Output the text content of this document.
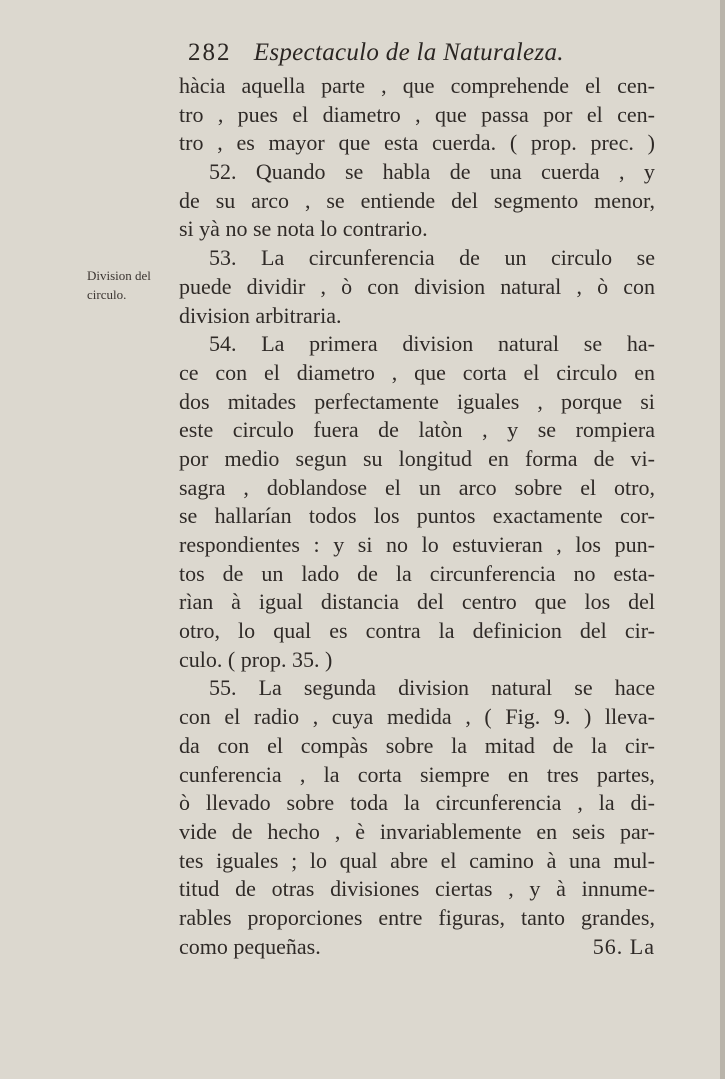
282 Espectaculo de la Naturaleza.
Division del
circulo.
hàcia aquella parte , que comprehende el cen-
tro , pues el diametro , que passa por el cen-
tro , es mayor que esta cuerda. ( prop. prec. )
52. Quando se habla de una cuerda , y
de su arco , se entiende del segmento menor,
si yà no se nota lo contrario.
53. La circunferencia de un circulo se
puede dividir , ò con division natural , ò con
division arbitraria.
54. La primera division natural se ha-
ce con el diametro , que corta el circulo en
dos mitades perfectamente iguales , porque si
este circulo fuera de latòn , y se rompiera
por medio segun su longitud en forma de vi-
sagra , doblandose el un arco sobre el otro,
se hallarían todos los puntos exactamente cor-
respondientes : y si no lo estuvieran , los pun-
tos de un lado de la circunferencia no esta-
rìan à igual distancia del centro que los del
otro, lo qual es contra la definicion del cir-
culo. ( prop. 35. )
55. La segunda division natural se hace
con el radio , cuya medida , ( Fig. 9. ) lleva-
da con el compàs sobre la mitad de la cir-
cunferencia , la corta siempre en tres partes,
ò llevado sobre toda la circunferencia , la di-
vide de hecho , è invariablemente en seis par-
tes iguales ; lo qual abre el camino à una mul-
titud de otras divisiones ciertas , y à innume-
rables proporciones entre figuras, tanto grandes,
como pequeñas.	56. La
